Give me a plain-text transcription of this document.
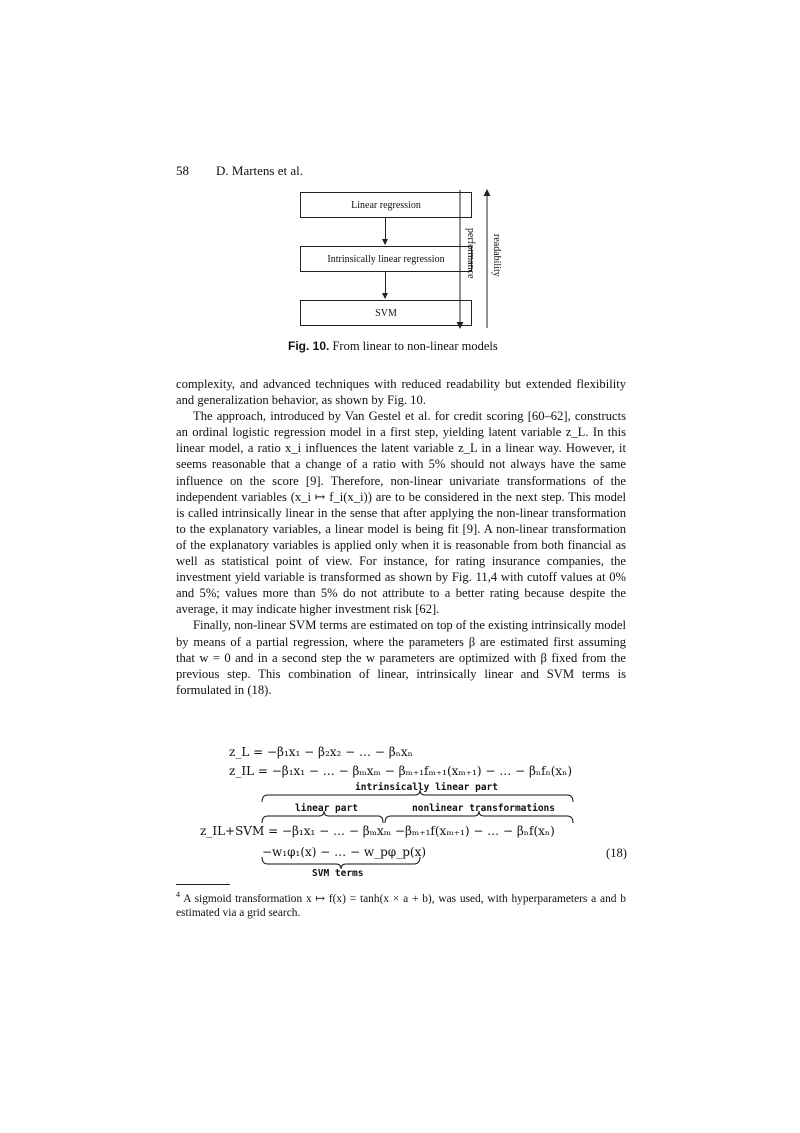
58 D. Martens et al.
Linear regression
Intrinsically linear regression
SVM
performance readability
Fig. 10. From linear to non-linear models

complexity, and advanced techniques with reduced readability but extended flexibility and generalization behavior, as shown by Fig. 10.

The approach, introduced by Van Gestel et al. for credit scoring [60–62], constructs an ordinal logistic regression model in a first step, yielding latent variable z_L. In this linear model, a ratio x_i influences the latent variable z_L in a linear way. However, it seems reasonable that a change of a ratio with 5% should not always have the same influence on the score [9]. Therefore, non-linear univariate transformations of the independent variables (x_i ↦ f_i(x_i)) are to be considered in the next step. This model is called intrinsically linear in the sense that after applying the non-linear transformation to the explanatory variables, a linear model is being fit [9]. A non-linear transformation of the explanatory variables is applied only when it is reasonable from both financial as well as statistical point of view. For instance, for rating insurance companies, the investment yield variable is transformed as shown by Fig. 11,4 with cutoff values at 0% and 5%; values more than 5% do not attribute to a better rating because despite the average, it may indicate higher investment risk [62].

Finally, non-linear SVM terms are estimated on top of the existing intrinsically model by means of a partial regression, where the parameters β are estimated first assuming that w = 0 and in a second step the w parameters are optimized with β fixed from the previous step. This combination of linear, intrinsically linear and SVM terms is formulated in (18).

z_L = −β₁x₁ − β₂x₂ − … − βₙxₙ
z_IL = −β₁x₁ − … − βₘxₘ − βₘ₊₁fₘ₊₁(xₘ₊₁) − … − βₙfₙ(xₙ)
intrinsically linear part
linear part	nonlinear transformations
z_IL+SVM = −β₁x₁ − … − βₘxₘ −βₘ₊₁f(xₘ₊₁) − … − βₙf(xₙ)
−w₁φ₁(x) − … − w_pφ_p(x)
SVM terms
(18)
$^4$ A sigmoid transformation x ↦ f(x) = tanh(x × a + b), was used, with hyperparameters a and b estimated via a grid search.
